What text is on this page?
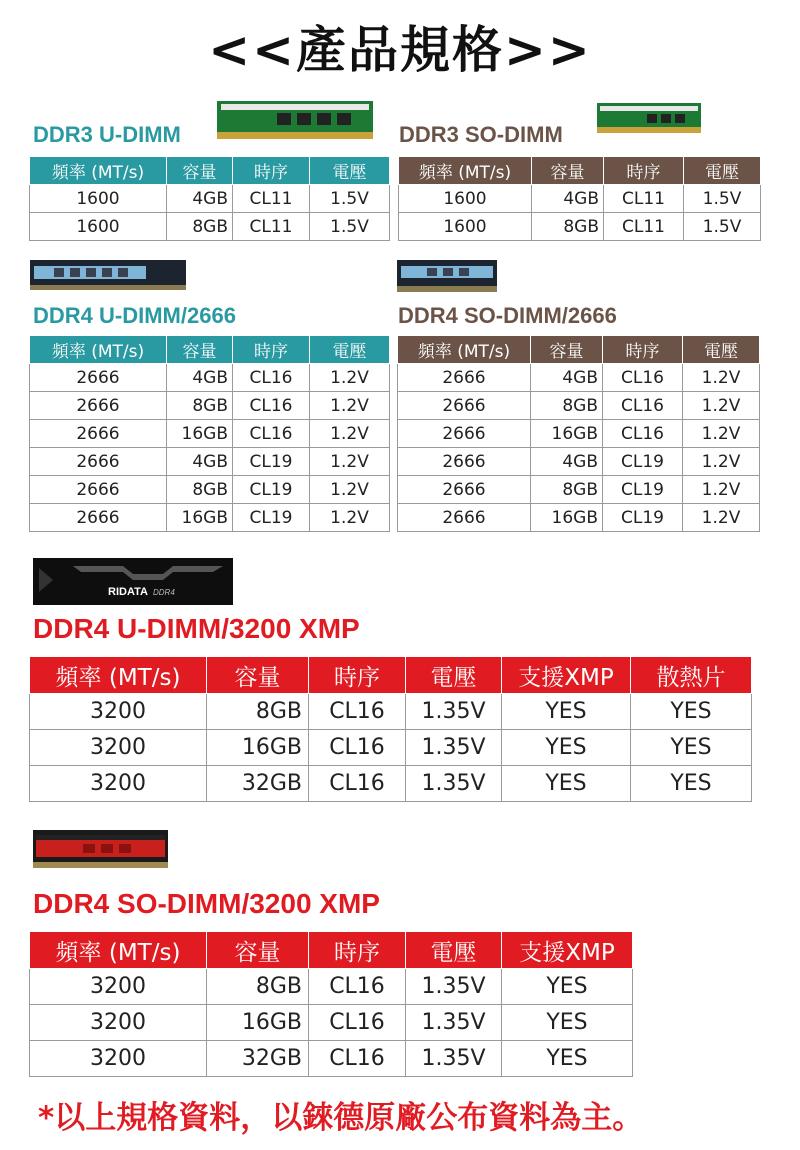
<<產品規格>>
DDR3 U-DIMM	DDR3 SO-DIMM
頻率 (MT/s)	容量	時序	電壓
1600	4GB	CL11	1.5V
1600	8GB	CL11	1.5V
頻率 (MT/s)	容量	時序	電壓
1600	4GB	CL11	1.5V
1600	8GB	CL11	1.5V
DDR4 U-DIMM/2666	DDR4 SO-DIMM/2666
頻率 (MT/s)	容量	時序	電壓
2666	4GB	CL16	1.2V
2666	8GB	CL16	1.2V
2666	16GB	CL16	1.2V
2666	4GB	CL19	1.2V
2666	8GB	CL19	1.2V
2666	16GB	CL19	1.2V
頻率 (MT/s)	容量	時序	電壓
2666	4GB	CL16	1.2V
2666	8GB	CL16	1.2V
2666	16GB	CL16	1.2V
2666	4GB	CL19	1.2V
2666	8GB	CL19	1.2V
2666	16GB	CL19	1.2V
RIDATA DDR4
DDR4 U-DIMM/3200 XMP
頻率 (MT/s)	容量	時序	電壓	支援XMP	散熱片
3200	8GB	CL16	1.35V	YES	YES
3200	16GB	CL16	1.35V	YES	YES
3200	32GB	CL16	1.35V	YES	YES
DDR4 SO-DIMM/3200 XMP
頻率 (MT/s)	容量	時序	電壓	支援XMP
3200	8GB	CL16	1.35V	YES
3200	16GB	CL16	1.35V	YES
3200	32GB	CL16	1.35V	YES
*以上規格資料，以錸德原廠公布資料為主。
